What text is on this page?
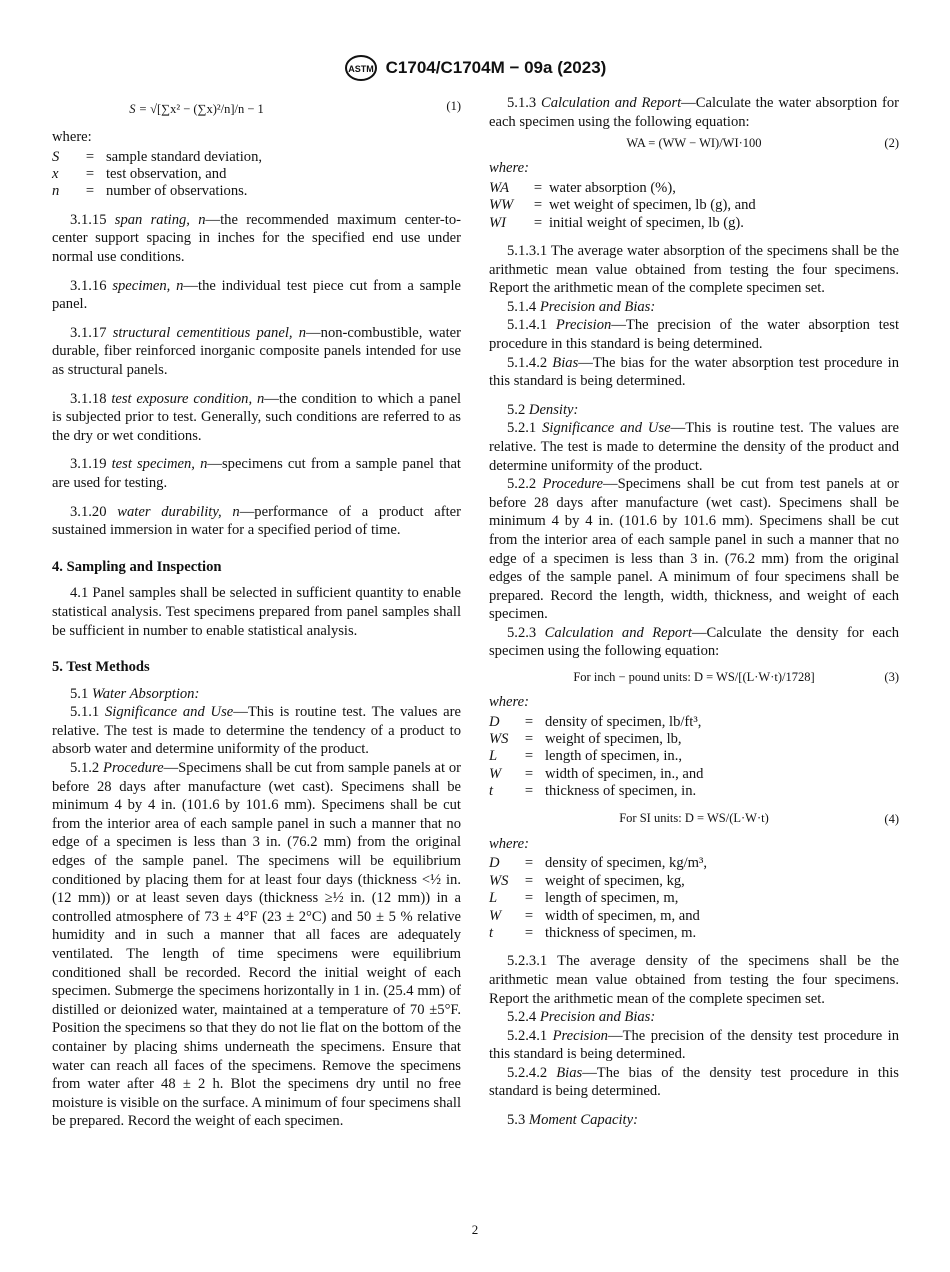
ASTM C1704/C1704M − 09a (2023)
S = √[∑x² − (∑x)²/n]/n − 1	(1)

where:

S	=	sample standard deviation,
x	=	test observation, and
n	=	number of observations.

3.1.15 span rating, n—the recommended maximum center-to-center support spacing in inches for the specified end use under normal use conditions.

3.1.16 specimen, n—the individual test piece cut from a sample panel.

3.1.17 structural cementitious panel, n—non-combustible, water durable, fiber reinforced inorganic composite panels intended for use as structural panels.

3.1.18 test exposure condition, n—the condition to which a panel is subjected prior to test. Generally, such conditions are referred to as the dry or wet conditions.

3.1.19 test specimen, n—specimens cut from a sample panel that are used for testing.

3.1.20 water durability, n—performance of a product after sustained immersion in water for a specified period of time.

4. Sampling and Inspection

4.1 Panel samples shall be selected in sufficient quantity to enable statistical analysis. Test specimens prepared from panel samples shall be sufficient in number to enable statistical analysis.

5. Test Methods

5.1 Water Absorption:

5.1.1 Significance and Use—This is routine test. The values are relative. The test is made to determine the tendency of a product to absorb water and determine uniformity of the product.

5.1.2 Procedure—Specimens shall be cut from sample panels at or before 28 days after manufacture (wet cast). Specimens shall be minimum 4 by 4 in. (101.6 by 101.6 mm). Specimens shall be cut from the interior area of each sample panel in such a manner that no edge of a specimen is less than 3 in. (76.2 mm) from the original edges of the sample panel. The specimens will be equilibrium conditioned by placing them for at least four days (thickness <½ in. (12 mm)) or at least seven days (thickness ≥½ in. (12 mm)) in a controlled atmosphere of 73 ± 4°F (23 ± 2°C) and 50 ± 5 % relative humidity and in such a manner that all faces are adequately ventilated. The length of time specimens were equilibrium conditioned shall be recorded. Record the initial weight of each specimen. Submerge the specimens horizontally in 1 in. (25.4 mm) of distilled or deionized water, maintained at a temperature of 70 ±5°F. Position the specimens so that they do not lie flat on the bottom of the container by placing shims underneath the specimens. Ensure that water can reach all faces of the specimens. Remove the specimens from water after 48 ± 2 h. Blot the specimens dry until no free moisture is visible on the surface. A minimum of four specimens shall be prepared. Record the weight of each specimen.

5.1.3 Calculation and Report—Calculate the water absorption for each specimen using the following equation:

WA = (WW − WI)/WI·100	(2)

where:

WA	=	water absorption (%),
WW	=	wet weight of specimen, lb (g), and
WI	=	initial weight of specimen, lb (g).

5.1.3.1 The average water absorption of the specimens shall be the arithmetic mean value obtained from testing the four specimens. Report the arithmetic mean of the complete specimen set.

5.1.4 Precision and Bias:

5.1.4.1 Precision—The precision of the water absorption test procedure in this standard is being determined.

5.1.4.2 Bias—The bias for the water absorption test procedure in this standard is being determined.

5.2 Density:

5.2.1 Significance and Use—This is routine test. The values are relative. The test is made to determine the density of the product and determine uniformity of the product.

5.2.2 Procedure—Specimens shall be cut from test panels at or before 28 days after manufacture (wet cast). Specimens shall be minimum 4 by 4 in. (101.6 by 101.6 mm). Specimens shall be cut from the interior area of each sample panel in such a manner that no edge of a specimen is less than 3 in. (76.2 mm) from the original edges of the sample panel. A minimum of four specimens shall be prepared. Record the length, width, thickness, and weight of each specimen.

5.2.3 Calculation and Report—Calculate the density for each specimen using the following equation:

For inch − pound units: D = WS/[(L·W·t)/1728]	(3)

where:

D	=	density of specimen, lb/ft³,
WS	=	weight of specimen, lb,
L	=	length of specimen, in.,
W	=	width of specimen, in., and
t	=	thickness of specimen, in.
For SI units: D = WS/(L·W·t)	(4)

where:

D	=	density of specimen, kg/m³,
WS	=	weight of specimen, kg,
L	=	length of specimen, m,
W	=	width of specimen, m, and
t	=	thickness of specimen, m.

5.2.3.1 The average density of the specimens shall be the arithmetic mean value obtained from testing the four specimens. Report the arithmetic mean of the complete specimen set.

5.2.4 Precision and Bias:

5.2.4.1 Precision—The precision of the density test procedure in this standard is being determined.

5.2.4.2 Bias—The bias of the density test procedure in this standard is being determined.

5.3 Moment Capacity:

2
